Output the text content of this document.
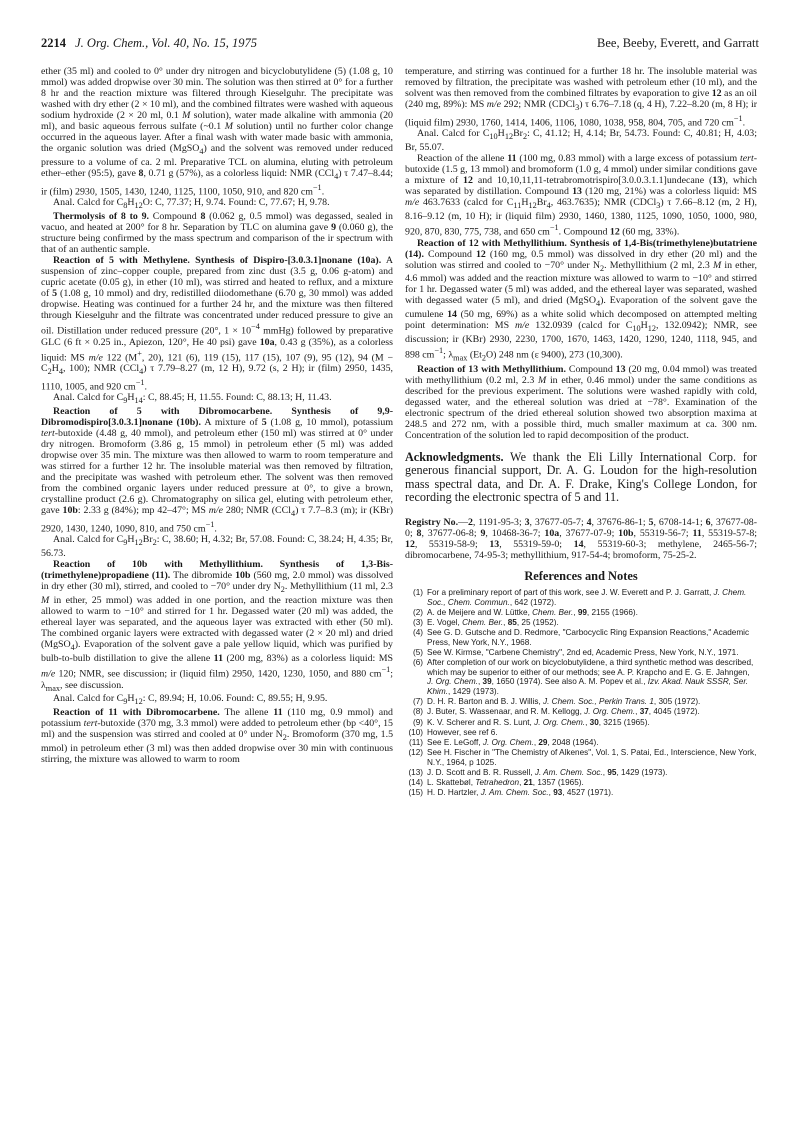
2214 J. Org. Chem., Vol. 40, No. 15, 1975	Bee, Beeby, Everett, and Garratt

ether (35 ml) and cooled to 0° under dry nitrogen and bicyclobutylidene (5) (1.08 g, 10 mmol) was added dropwise over 30 min. The solution was then stirred at 0° for a further 8 hr and the reaction mixture was filtered through Kieselguhr. The precipitate was washed with dry ether (2 × 10 ml), and the combined filtrates were washed with aqueous sodium hydroxide (2 × 20 ml, 0.1 M solution), water made alkaline with ammonia (20 ml), and basic aqueous ferrous sulfate (~0.1 M solution) until no further color change occurred in the aqueous layer. After a final wash with water made basic with ammonia, the organic solution was dried (MgSO$_4$) and the solvent was removed under reduced pressure to a volume of ca. 2 ml. Preparative TCL on alumina, eluting with petroleum ether–ether (95:5), gave 8, 0.71 g (57%), as a colorless liquid: NMR (CCl$_4$) τ 7.47–8.44; ir (film) 2930, 1505, 1430, 1240, 1125, 1100, 1050, 910, and 820 $cm^{-1}$.

Anal. Calcd for $C_8H_{12}O$: C, 77.37; H, 9.74. Found: C, 77.67; H, 9.78.

Thermolysis of 8 to 9. Compound 8 (0.062 g, 0.5 mmol) was degassed, sealed in vacuo, and heated at 200° for 8 hr. Separation by TLC on alumina gave 9 (0.060 g), the structure being confirmed by the mass spectrum and comparison of the ir spectrum with that of an authentic sample.

Reaction of 5 with Methylene. Synthesis of Dispiro-[3.0.3.1]nonane (10a). A suspension of zinc–copper couple, prepared from zinc dust (3.5 g, 0.06 g-atom) and cupric acetate (0.05 g), in ether (10 ml), was stirred and heated to reflux, and a mixture of 5 (1.08 g, 10 mmol) and dry, redistilled diiodomethane (6.70 g, 30 mmol) was added dropwise. Heating was continued for a further 24 hr, and the mixture was then filtered through Kieselguhr and the filtrate was concentrated under reduced pressure to give an oil. Distillation under reduced pressure (20°, $1 \times 10^{-4}$ mmHg) followed by preparative GLC (6 ft × 0.25 in., Apiezon, 120°, He 40 psi) gave 10a, 0.43 g (35%), as a colorless liquid: MS m/e 122 (M+, 20), 121 (6), 119 (15), 117 (15), 107 (9), 95 (12), 94 ($M - C_2H_4$, 100); NMR (CCl$_4$) τ 7.79–8.27 (m, 12 H), 9.72 (s, 2 H); ir (film) 2950, 1435, 1110, 1005, and 920 $cm^{-1}$.

Anal. Calcd for $C_9H_{14}$: C, 88.45; H, 11.55. Found: C, 88.13; H, 11.43.

Reaction of 5 with Dibromocarbene. Synthesis of 9,9-Dibromodispiro[3.0.3.1]nonane (10b). A mixture of 5 (1.08 g, 10 mmol), potassium tert-butoxide (4.48 g, 40 mmol), and petroleum ether (150 ml) was stirred at 0° under dry nitrogen. Bromoform (3.86 g, 15 mmol) in petroleum ether (5 ml) was added dropwise over 35 min. The mixture was then allowed to warm to room temperature and was stirred for a further 12 hr. The insoluble material was then removed by filtration, and the precipitate was washed with petroleum ether. The solvent was then removed from the combined organic layers under reduced pressure at 0°, to give a brown, crystalline product (2.6 g). Chromatography on silica gel, eluting with petroleum ether, gave 10b: 2.33 g (84%); mp 42–47°; MS m/e 280; NMR (CCl$_4$) τ 7.7–8.3 (m); ir (KBr) 2920, 1430, 1240, 1090, 810, and 750 $cm^{-1}$.

Anal. Calcd for $C_9H_{12}Br_2$: C, 38.60; H, 4.32; Br, 57.08. Found: C, 38.24; H, 4.35; Br, 56.73.

Reaction of 10b with Methyllithium. Synthesis of 1,3-Bis-(trimethylene)propadiene (11). The dibromide 10b (560 mg, 2.0 mmol) was dissolved in dry ether (30 ml), stirred, and cooled to −70° under dry $N_2$. Methyllithium (11 ml, 2.3 M in ether, 25 mmol) was added in one portion, and the reaction mixture was then allowed to warm to −10° and stirred for 1 hr. Degassed water (20 ml) was added, the ethereal layer was separated, and the aqueous layer was extracted with ether (50 ml). The combined organic layers were extracted with degassed water (2 × 20 ml) and dried (MgSO$_4$). Evaporation of the solvent gave a pale yellow liquid, which was purified by bulb-to-bulb distillation to give the allene 11 (200 mg, 83%) as a colorless liquid: MS m/e 120; NMR, see discussion; ir (liquid film) 2950, 1420, 1230, 1050, and 880 $cm^{-1}$; $\lambda_{max}$, see discussion.

Anal. Calcd for $C_9H_{12}$: C, 89.94; H, 10.06. Found: C, 89.55; H, 9.95.

Reaction of 11 with Dibromocarbene. The allene 11 (110 mg, 0.9 mmol) and potassium tert-butoxide (370 mg, 3.3 mmol) were added to petroleum ether (bp <40°, 15 ml) and the suspension was stirred and cooled at 0° under $N_2$. Bromoform (370 mg, 1.5 mmol) in petroleum ether (3 ml) was then added dropwise over 30 min with continuous stirring, the mixture was allowed to warm to room

temperature, and stirring was continued for a further 18 hr. The insoluble material was removed by filtration, the precipitate was washed with petroleum ether (10 ml), and the solvent was then removed from the combined filtrates by evaporation to give 12 as an oil (240 mg, 89%): MS m/e 292; NMR (CDCl$_3$) τ 6.76–7.18 (q, 4 H), 7.22–8.20 (m, 8 H); ir (liquid film) 2930, 1760, 1414, 1406, 1106, 1080, 1038, 958, 804, 705, and 720 $cm^{-1}$.

Anal. Calcd for $C_{10}H_{12}Br_2$: C, 41.12; H, 4.14; Br, 54.73. Found: C, 40.81; H, 4.03; Br, 55.07.

Reaction of the allene 11 (100 mg, 0.83 mmol) with a large excess of potassium tert-butoxide (1.5 g, 13 mmol) and bromoform (1.0 g, 4 mmol) under similar conditions gave a mixture of 12 and 10,10,11,11-tetrabromotrispiro[3.0.0.3.1.1]undecane (13), which was separated by distillation. Compound 13 (120 mg, 21%) was a colorless liquid: MS m/e 463.7633 (calcd for $C_{11}H_{12}Br_4$, 463.7635); NMR (CDCl$_3$) τ 7.66–8.12 (m, 2 H), 8.16–9.12 (m, 10 H); ir (liquid film) 2930, 1460, 1380, 1125, 1090, 1050, 1000, 980, 920, 870, 830, 775, 738, and 650 $cm^{-1}$. Compound 12 (60 mg, 33%).

Reaction of 12 with Methyllithium. Synthesis of 1,4-Bis(trimethylene)butatriene (14). Compound 12 (160 mg, 0.5 mmol) was dissolved in dry ether (20 ml) and the solution was stirred and cooled to −70° under $N_2$. Methyllithium (2 ml, 2.3 M in ether, 4.6 mmol) was added and the reaction mixture was allowed to warm to −10° and stirred for 1 hr. Degassed water (5 ml) was added, and the ethereal layer was separated, washed with degassed water (5 ml), and dried (MgSO$_4$). Evaporation of the solvent gave the cumulene 14 (50 mg, 69%) as a white solid which decomposed on attempted melting point determination: MS m/e 132.0939 (calcd for $C_{10}H_{12}$, 132.0942); NMR, see discussion; ir (KBr) 2930, 2230, 1700, 1670, 1463, 1420, 1290, 1240, 1118, 945, and 898 $cm^{-1}$; $\lambda_{max}$ $(Et_2O)$ 248 nm (ε 9400), 273 (10,300).

Reaction of 13 with Methyllithium. Compound 13 (20 mg, 0.04 mmol) was treated with methyllithium (0.2 ml, 2.3 M in ether, 0.46 mmol) under the same conditions as described for the previous experiment. The solutions were washed rapidly with cold, degassed water, and the ethereal solution was dried at −78°. Examination of the electronic spectrum of the dried ethereal solution showed two absorption maxima at 248.5 and 272 nm, with a possible third, much smaller maximum at ca. 300 nm. Concentration of the solution led to rapid decomposition of the product.

Acknowledgments. We thank the Eli Lilly International Corp. for generous financial support, Dr. A. G. Loudon for the high-resolution mass spectral data, and Dr. A. F. Drake, King's College London, for recording the electronic spectra of 5 and 11.

Registry No.—2, 1191-95-3; 3, 37677-05-7; 4, 37676-86-1; 5, 6708-14-1; 6, 37677-08-0; 8, 37677-06-8; 9, 10468-36-7; 10a, 37677-07-9; 10b, 55319-56-7; 11, 55319-57-8; 12, 55319-58-9; 13, 55319-59-0; 14, 55319-60-3; methylene, 2465-56-7; dibromocarbene, 74-95-3; methyllithium, 917-54-4; bromoform, 75-25-2.

References and Notes
(1) For a preliminary report of part of this work, see J. W. Everett and P. J. Garratt, J. Chem. Soc., Chem. Commun., 642 (1972).
(2) A. de Meijere and W. Lüttke, Chem. Ber., 99, 2155 (1966).
(3) E. Vogel, Chem. Ber., 85, 25 (1952).
(4) See G. D. Gutsche and D. Redmore, "Carbocyclic Ring Expansion Reactions," Academic Press, New York, N.Y., 1968.
(5) See W. Kirmse, "Carbene Chemistry", 2nd ed, Academic Press, New York, N.Y., 1971.
(6) After completion of our work on bicyclobutylidene, a third synthetic method was described, which may be superior to either of our methods; see A. P. Krapcho and E. G. E. Jahngen, J. Org. Chem., 39, 1650 (1974). See also A. M. Popev et al., Izv. Akad. Nauk SSSR, Ser. Khim., 1429 (1973).
(7) D. H. R. Barton and B. J. Willis, J. Chem. Soc., Perkin Trans. 1, 305 (1972).
(8) J. Buter, S. Wassenaar, and R. M. Kellogg, J. Org. Chem., 37, 4045 (1972).
(9) K. V. Scherer and R. S. Lunt, J. Org. Chem., 30, 3215 (1965).
(10) However, see ref 6.
(11) See E. LeGoff, J. Org. Chem., 29, 2048 (1964).
(12) See H. Fischer in "The Chemistry of Alkenes", Vol. 1, S. Patai, Ed., Interscience, New York, N.Y., 1964, p 1025.
(13) J. D. Scott and B. R. Russell, J. Am. Chem. Soc., 95, 1429 (1973).
(14) L. Skattebøl, Tetrahedron, 21, 1357 (1965).
(15) H. D. Hartzler, J. Am. Chem. Soc., 93, 4527 (1971).
